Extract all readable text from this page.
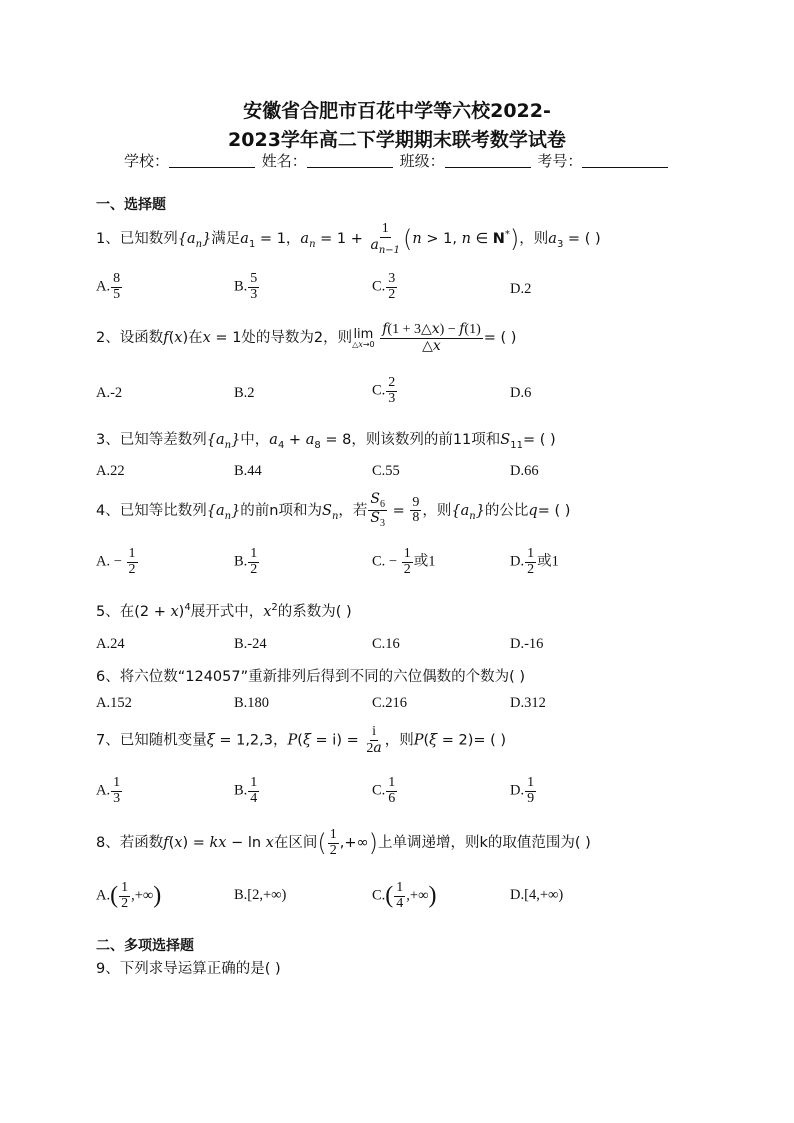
安徽省合肥市百花中学等六校2022-
2023学年高二下学期期末联考数学试卷
学校：	姓名：	班级：	考号：
一、选择题
1、已知数列$\{a_n\}$满足$a_1 = 1$，$a_n = 1 + \frac{1}{a_{n-1}} (n > 1$, n ∈ N*)，则$a_3$ = ( )
A. $\frac{8}{5}$	B. $\frac{5}{3}$	C. $\frac{3}{2}$	D.2
2、设函数f(x)在x = 1处的导数为2，则lim
△x→0
$\frac{f(1 + 3\triangle x) - f(1)}{\triangle x}$ = ( )
A.-2	B.2	C. $\frac{2}{3}$	D.6
3、已知等差数列$\{a_n\}$中，$a_4 + a_8 = 8$，则该数列的前11项和$S_{11}=$ ( )
A.22	B.44	C.55	D.66
4、已知等比数列$\{a_n\}$的前n项和为$S_n$，若 $\frac{S_6}{S_3} = \frac{9}{8}$ ，则$\{a_n\}$的公比q= ( )
A. − $\frac{1}{2}$	B. $\frac{1}{2}$	C. − $\frac{1}{2}$ 或1	D. $\frac{1}{2}$ 或1
5、在$(2 + x)^4$展开式中，$x^2$的系数为( )
A.24	B.-24	C.16	D.-16
6、将六位数“124057”重新排列后得到不同的六位偶数的个数为( )
A.152	B.180	C.216	D.312
7、已知随机变量ξ = 1,2,3，$P(\xi = i) = \frac{i}{2a}$ ，则P(ξ = 2)= ( )
A. $\frac{1}{3}$	B. $\frac{1}{4}$	C. $\frac{1}{6}$	D. $\frac{1}{9}$
8、若函数f(x) = kx − ln x在区间( $\frac{1}{2}$ ,+∞)上单调递增，则k的取值范围为( )
$A.( \frac{1}{2}$ ,+∞)	B.[2,+∞)	$C.( \frac{1}{4}$ ,+∞)	D.[4,+∞)
二、多项选择题
9、下列求导运算正确的是( )
